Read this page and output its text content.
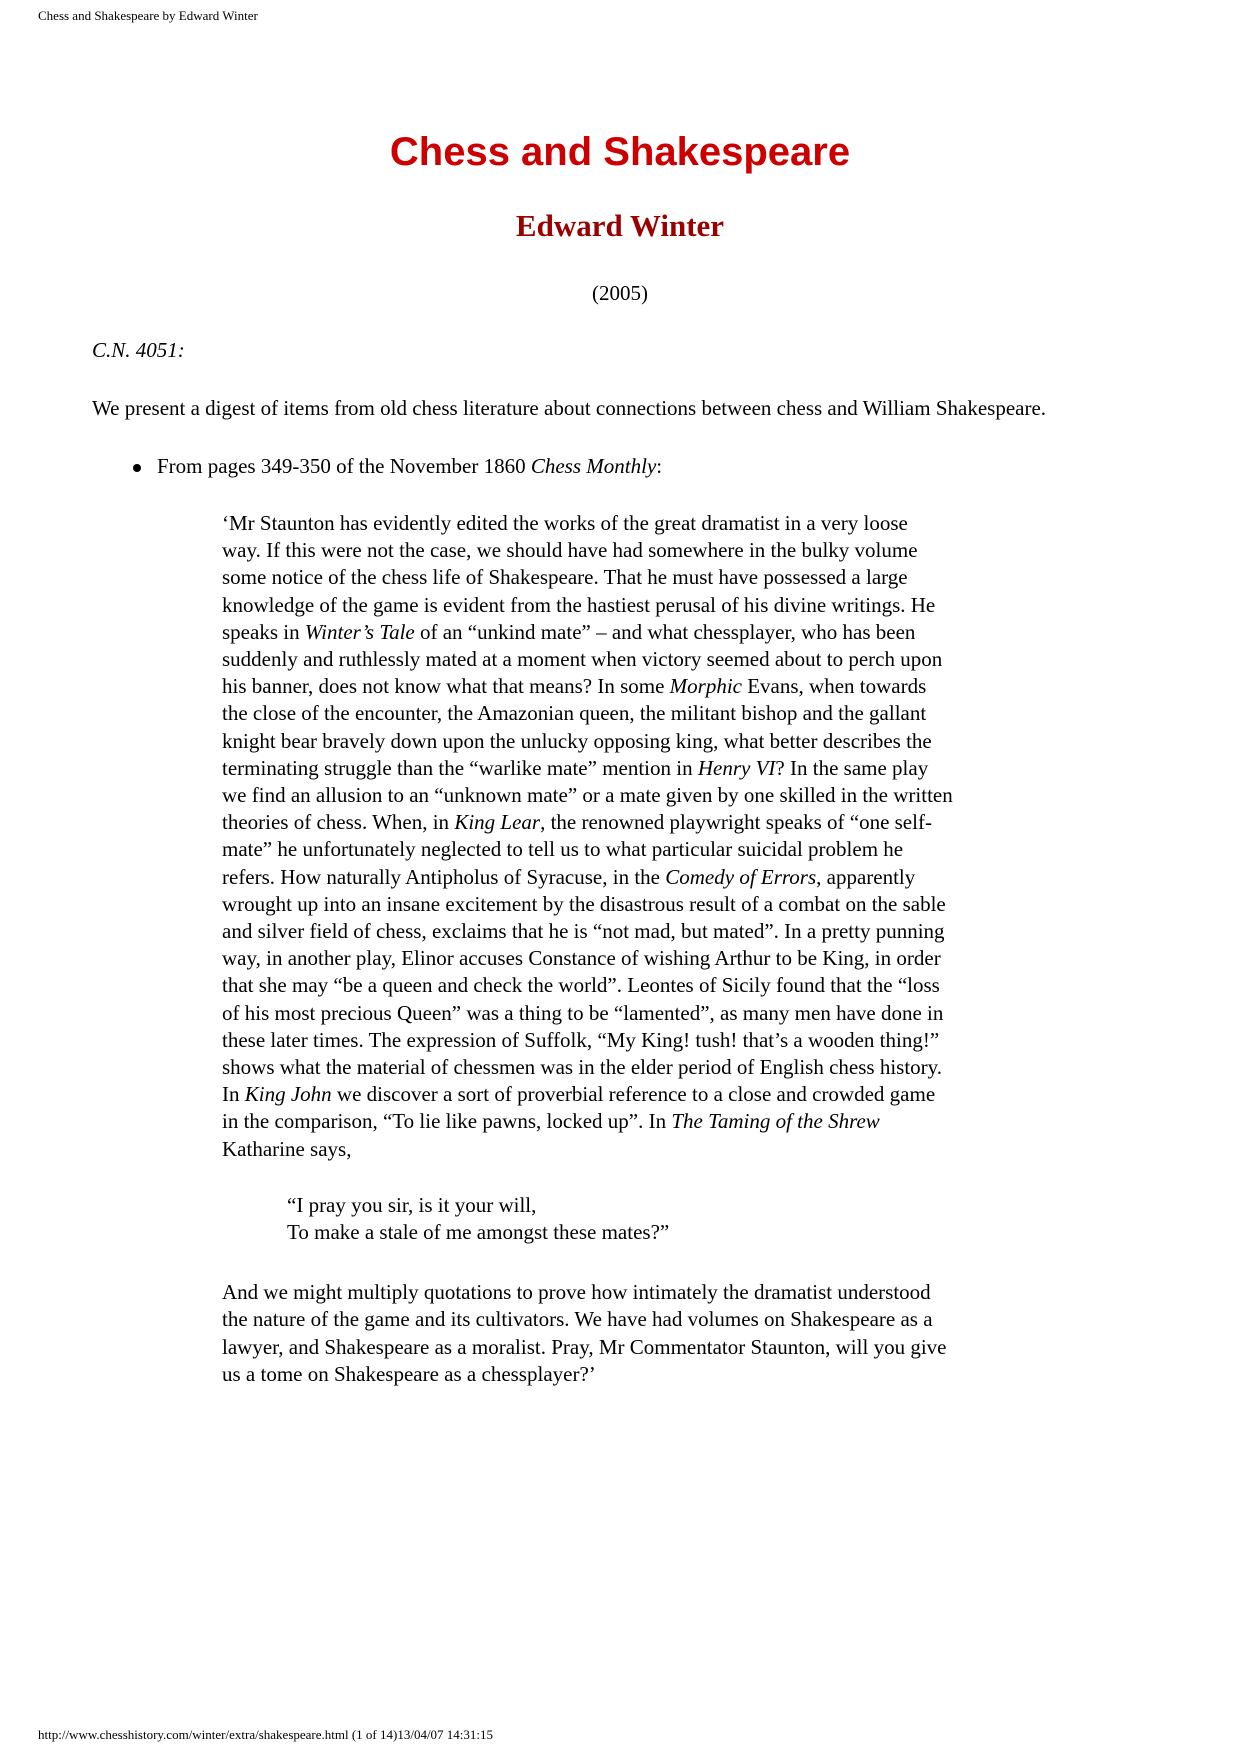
Chess and Shakespeare by Edward Winter
Chess and Shakespeare
Edward Winter
(2005)
C.N. 4051:
We present a digest of items from old chess literature about connections between chess and William Shakespeare.
From pages 349-350 of the November 1860 Chess Monthly:
‘Mr Staunton has evidently edited the works of the great dramatist in a very loose
way. If this were not the case, we should have had somewhere in the bulky volume
some notice of the chess life of Shakespeare. That he must have possessed a large
knowledge of the game is evident from the hastiest perusal of his divine writings. He
speaks in Winter’s Tale of an “unkind mate” – and what chessplayer, who has been
suddenly and ruthlessly mated at a moment when victory seemed about to perch upon
his banner, does not know what that means? In some Morphic Evans, when towards
the close of the encounter, the Amazonian queen, the militant bishop and the gallant
knight bear bravely down upon the unlucky opposing king, what better describes the
terminating struggle than the “warlike mate” mention in Henry VI? In the same play
we find an allusion to an “unknown mate” or a mate given by one skilled in the written
theories of chess. When, in King Lear, the renowned playwright speaks of “one self-
mate” he unfortunately neglected to tell us to what particular suicidal problem he
refers. How naturally Antipholus of Syracuse, in the Comedy of Errors, apparently
wrought up into an insane excitement by the disastrous result of a combat on the sable
and silver field of chess, exclaims that he is “not mad, but mated”. In a pretty punning
way, in another play, Elinor accuses Constance of wishing Arthur to be King, in order
that she may “be a queen and check the world”. Leontes of Sicily found that the “loss
of his most precious Queen” was a thing to be “lamented”, as many men have done in
these later times. The expression of Suffolk, “My King! tush! that’s a wooden thing!”
shows what the material of chessmen was in the elder period of English chess history.
In King John we discover a sort of proverbial reference to a close and crowded game
in the comparison, “To lie like pawns, locked up”. In The Taming of the Shrew
Katharine says,
“I pray you sir, is it your will,
To make a stale of me amongst these mates?”
And we might multiply quotations to prove how intimately the dramatist understood
the nature of the game and its cultivators. We have had volumes on Shakespeare as a
lawyer, and Shakespeare as a moralist. Pray, Mr Commentator Staunton, will you give
us a tome on Shakespeare as a chessplayer?’
http://www.chesshistory.com/winter/extra/shakespeare.html (1 of 14)13/04/07 14:31:15
